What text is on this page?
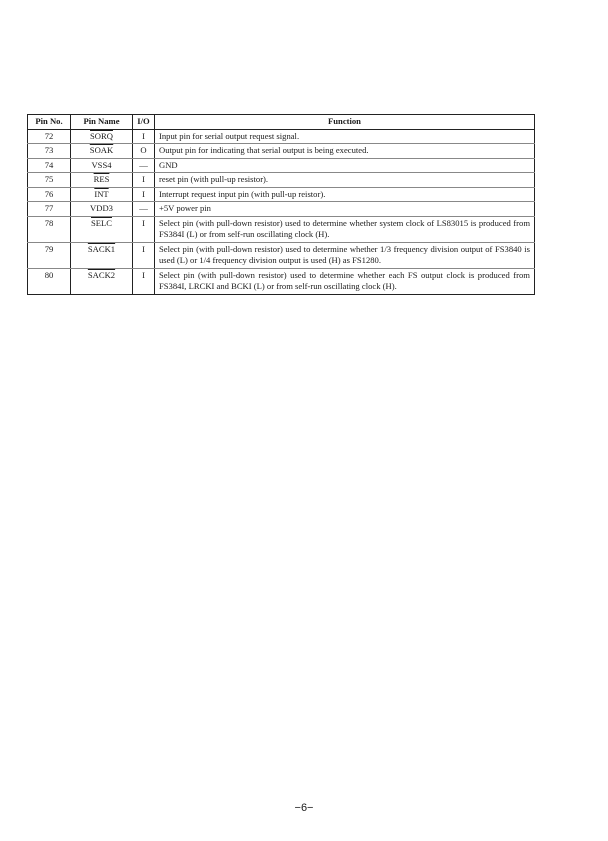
Pin No.	Pin Name	I/O	Function
72	SORQ	I	Input pin for serial output request signal.
73	SOAK	O	Output pin for indicating that serial output is being executed.
74	VSS4	—	GND
75	$\overline{RES}$	I	reset pin (with pull-up resistor).
76	$\overline{INT}$	I	Interrupt request input pin (with pull-up reistor).
77	VDD3	—	+5V power pin
78	SELC	I	Select pin (with pull-down resistor) used to determine whether system clock of LS83015 is produced from FS384I (L) or from self-run oscillating clock (H).
79	SACK1	I	Select pin (with pull-down resistor) used to determine whether 1/3 frequency division output of FS3840 is used (L) or 1/4 frequency division output is used (H) as FS1280.
80	SACK2	I	Select pin (with pull-down resistor) used to determine whether each FS output clock is produced from FS384I, LRCKI and BCKI (L) or from self-run oscillating clock (H).
−6−
